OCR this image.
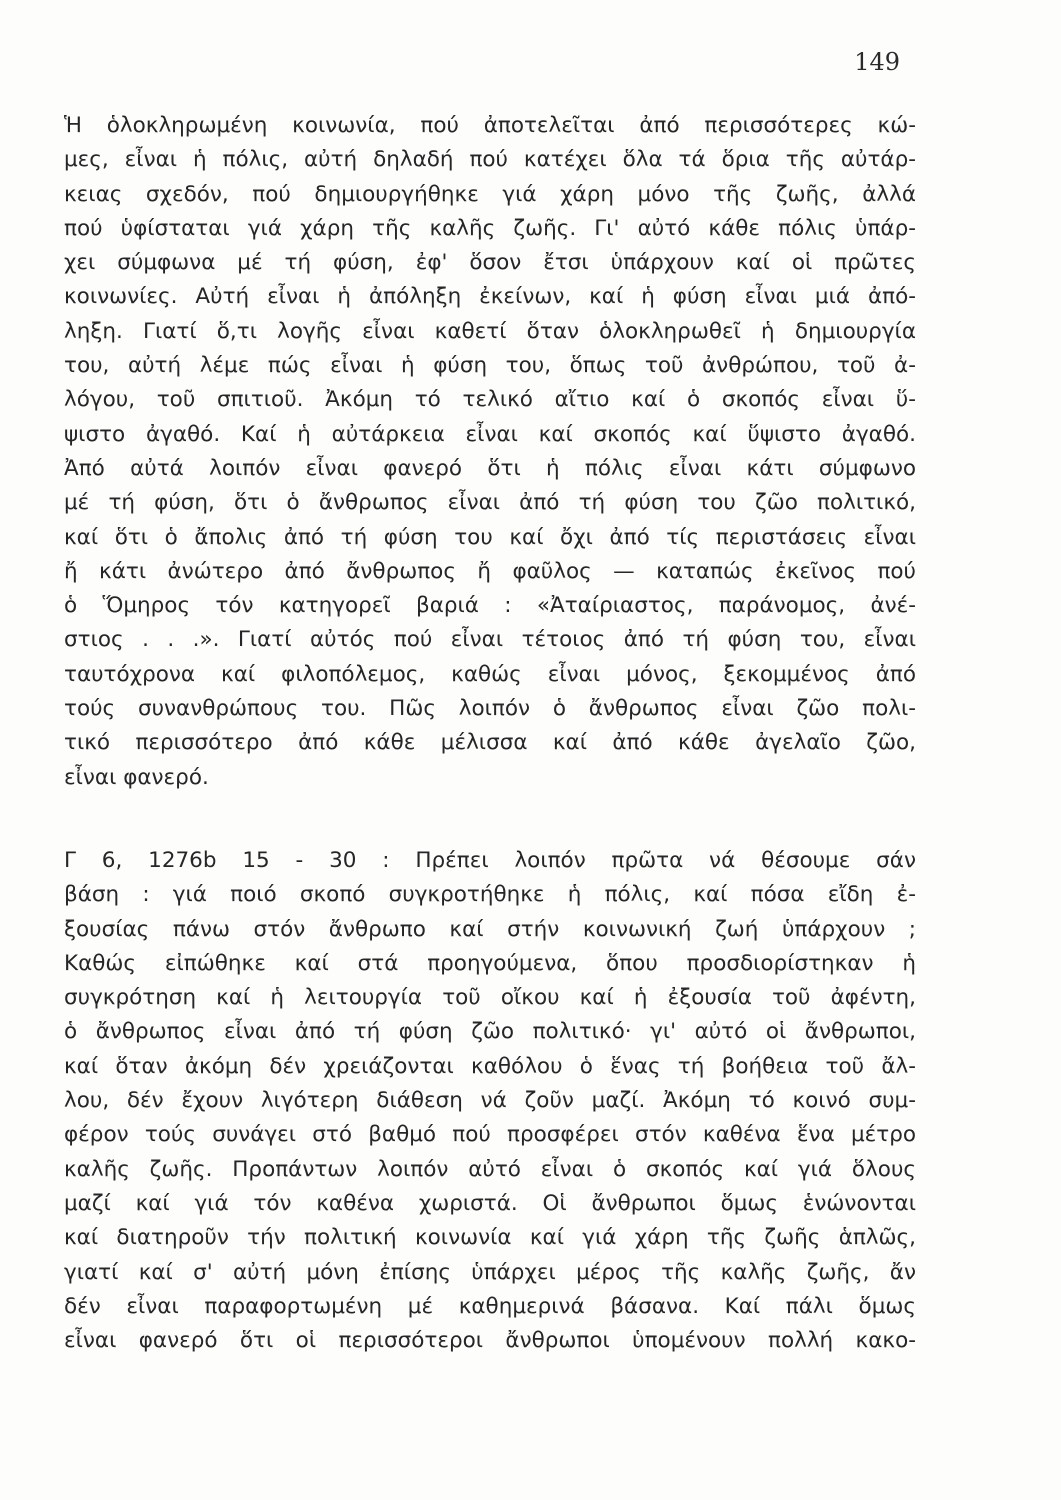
149
Ἡ ὁλοκληρωμένη κοινωνία, πού ἀποτελεῖται ἀπό περισσότερες κώ-
μες, εἶναι ἡ πόλις, αὐτή δηλαδή πού κατέχει ὅλα τά ὅρια τῆς αὐτάρ-
κειας σχεδόν, πού δημιουργήθηκε γιά χάρη μόνο τῆς ζωῆς, ἀλλά
πού ὑφίσταται γιά χάρη τῆς καλῆς ζωῆς. Γι' αὐτό κάθε πόλις ὑπάρ-
χει σύμφωνα μέ τή φύση, ἐφ' ὅσον ἔτσι ὑπάρχουν καί οἱ πρῶτες
κοινωνίες. Αὐτή εἶναι ἡ ἀπόληξη ἐκείνων, καί ἡ φύση εἶναι μιά ἀπό-
ληξη. Γιατί ὅ,τι λογῆς εἶναι καθετί ὅταν ὁλοκληρωθεῖ ἡ δημιουργία
του, αὐτή λέμε πώς εἶναι ἡ φύση του, ὅπως τοῦ ἀνθρώπου, τοῦ ἀ-
λόγου, τοῦ σπιτιοῦ. Ἀκόμη τό τελικό αἴτιο καί ὁ σκοπός εἶναι ὕ-
ψιστο ἀγαθό. Καί ἡ αὐτάρκεια εἶναι καί σκοπός καί ὕψιστο ἀγαθό.
Ἀπό αὐτά λοιπόν εἶναι φανερό ὅτι ἡ πόλις εἶναι κάτι σύμφωνο
μέ τή φύση, ὅτι ὁ ἄνθρωπος εἶναι ἀπό τή φύση του ζῶο πολιτικό,
καί ὅτι ὁ ἄπολις ἀπό τή φύση του καί ὄχι ἀπό τίς περιστάσεις εἶναι
ἤ κάτι ἀνώτερο ἀπό ἄνθρωπος ἤ φαῦλος — καταπώς ἐκεῖνος πού
ὁ Ὅμηρος τόν κατηγορεῖ βαριά : «Ἀταίριαστος, παράνομος, ἀνέ-
στιος . . .». Γιατί αὐτός πού εἶναι τέτοιος ἀπό τή φύση του, εἶναι
ταυτόχρονα καί φιλοπόλεμος, καθώς εἶναι μόνος, ξεκομμένος ἀπό
τούς συνανθρώπους του. Πῶς λοιπόν ὁ ἄνθρωπος εἶναι ζῶο πολι-
τικό περισσότερο ἀπό κάθε μέλισσα καί ἀπό κάθε ἀγελαῖο ζῶο,
εἶναι φανερό.
Γ 6, 1276b 15 - 30 : Πρέπει λοιπόν πρῶτα νά θέσουμε σάν
βάση : γιά ποιό σκοπό συγκροτήθηκε ἡ πόλις, καί πόσα εἴδη ἐ-
ξουσίας πάνω στόν ἄνθρωπο καί στήν κοινωνική ζωή ὑπάρχουν ;
Καθώς εἰπώθηκε καί στά προηγούμενα, ὅπου προσδιορίστηκαν ἡ
συγκρότηση καί ἡ λειτουργία τοῦ οἴκου καί ἡ ἐξουσία τοῦ ἀφέντη,
ὁ ἄνθρωπος εἶναι ἀπό τή φύση ζῶο πολιτικό· γι' αὐτό οἱ ἄνθρωποι,
καί ὅταν ἀκόμη δέν χρειάζονται καθόλου ὁ ἕνας τή βοήθεια τοῦ ἄλ-
λου, δέν ἔχουν λιγότερη διάθεση νά ζοῦν μαζί. Ἀκόμη τό κοινό συμ-
φέρον τούς συνάγει στό βαθμό πού προσφέρει στόν καθένα ἕνα μέτρο
καλῆς ζωῆς. Προπάντων λοιπόν αὐτό εἶναι ὁ σκοπός καί γιά ὅλους
μαζί καί γιά τόν καθένα χωριστά. Οἱ ἄνθρωποι ὅμως ἑνώνονται
καί διατηροῦν τήν πολιτική κοινωνία καί γιά χάρη τῆς ζωῆς ἁπλῶς,
γιατί καί σ' αὐτή μόνη ἐπίσης ὑπάρχει μέρος τῆς καλῆς ζωῆς, ἄν
δέν εἶναι παραφορτωμένη μέ καθημερινά βάσανα. Καί πάλι ὅμως
εἶναι φανερό ὅτι οἱ περισσότεροι ἄνθρωποι ὑπομένουν πολλή κακο-
